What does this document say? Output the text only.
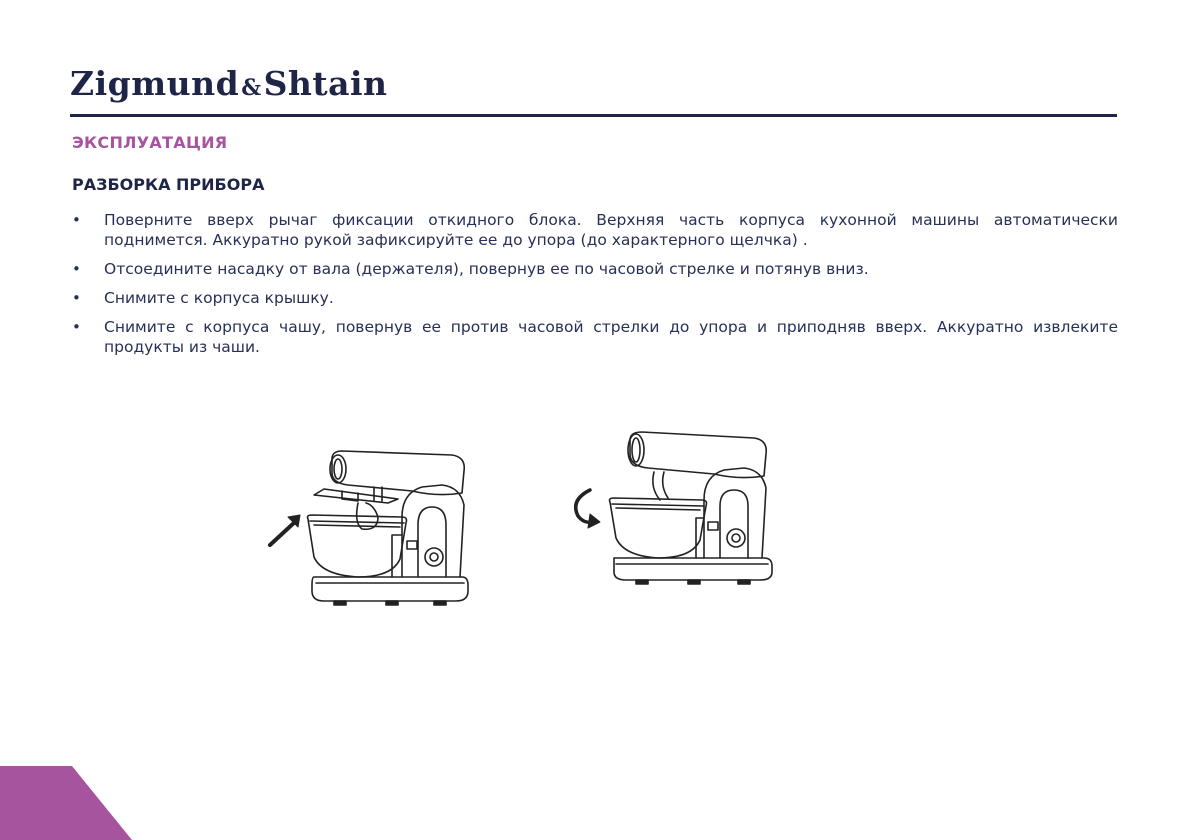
Zigmund&Shtain
ЭКСПЛУАТАЦИЯ
РАЗБОРКА ПРИБОРА
• Поверните вверх рычаг фиксации откидного блока. Верхняя часть корпуса кухонной машины автоматически поднимется. Аккуратно рукой зафиксируйте ее до упора (до характерного щелчка) .
• Отсоедините насадку от вала (держателя), повернув ее по часовой стрелке и потянув вниз.
• Снимите с корпуса крышку.
• Снимите с корпуса чашу, повернув ее против часовой стрелки до упора и приподняв вверх. Аккуратно извлеките продукты из чаши.
